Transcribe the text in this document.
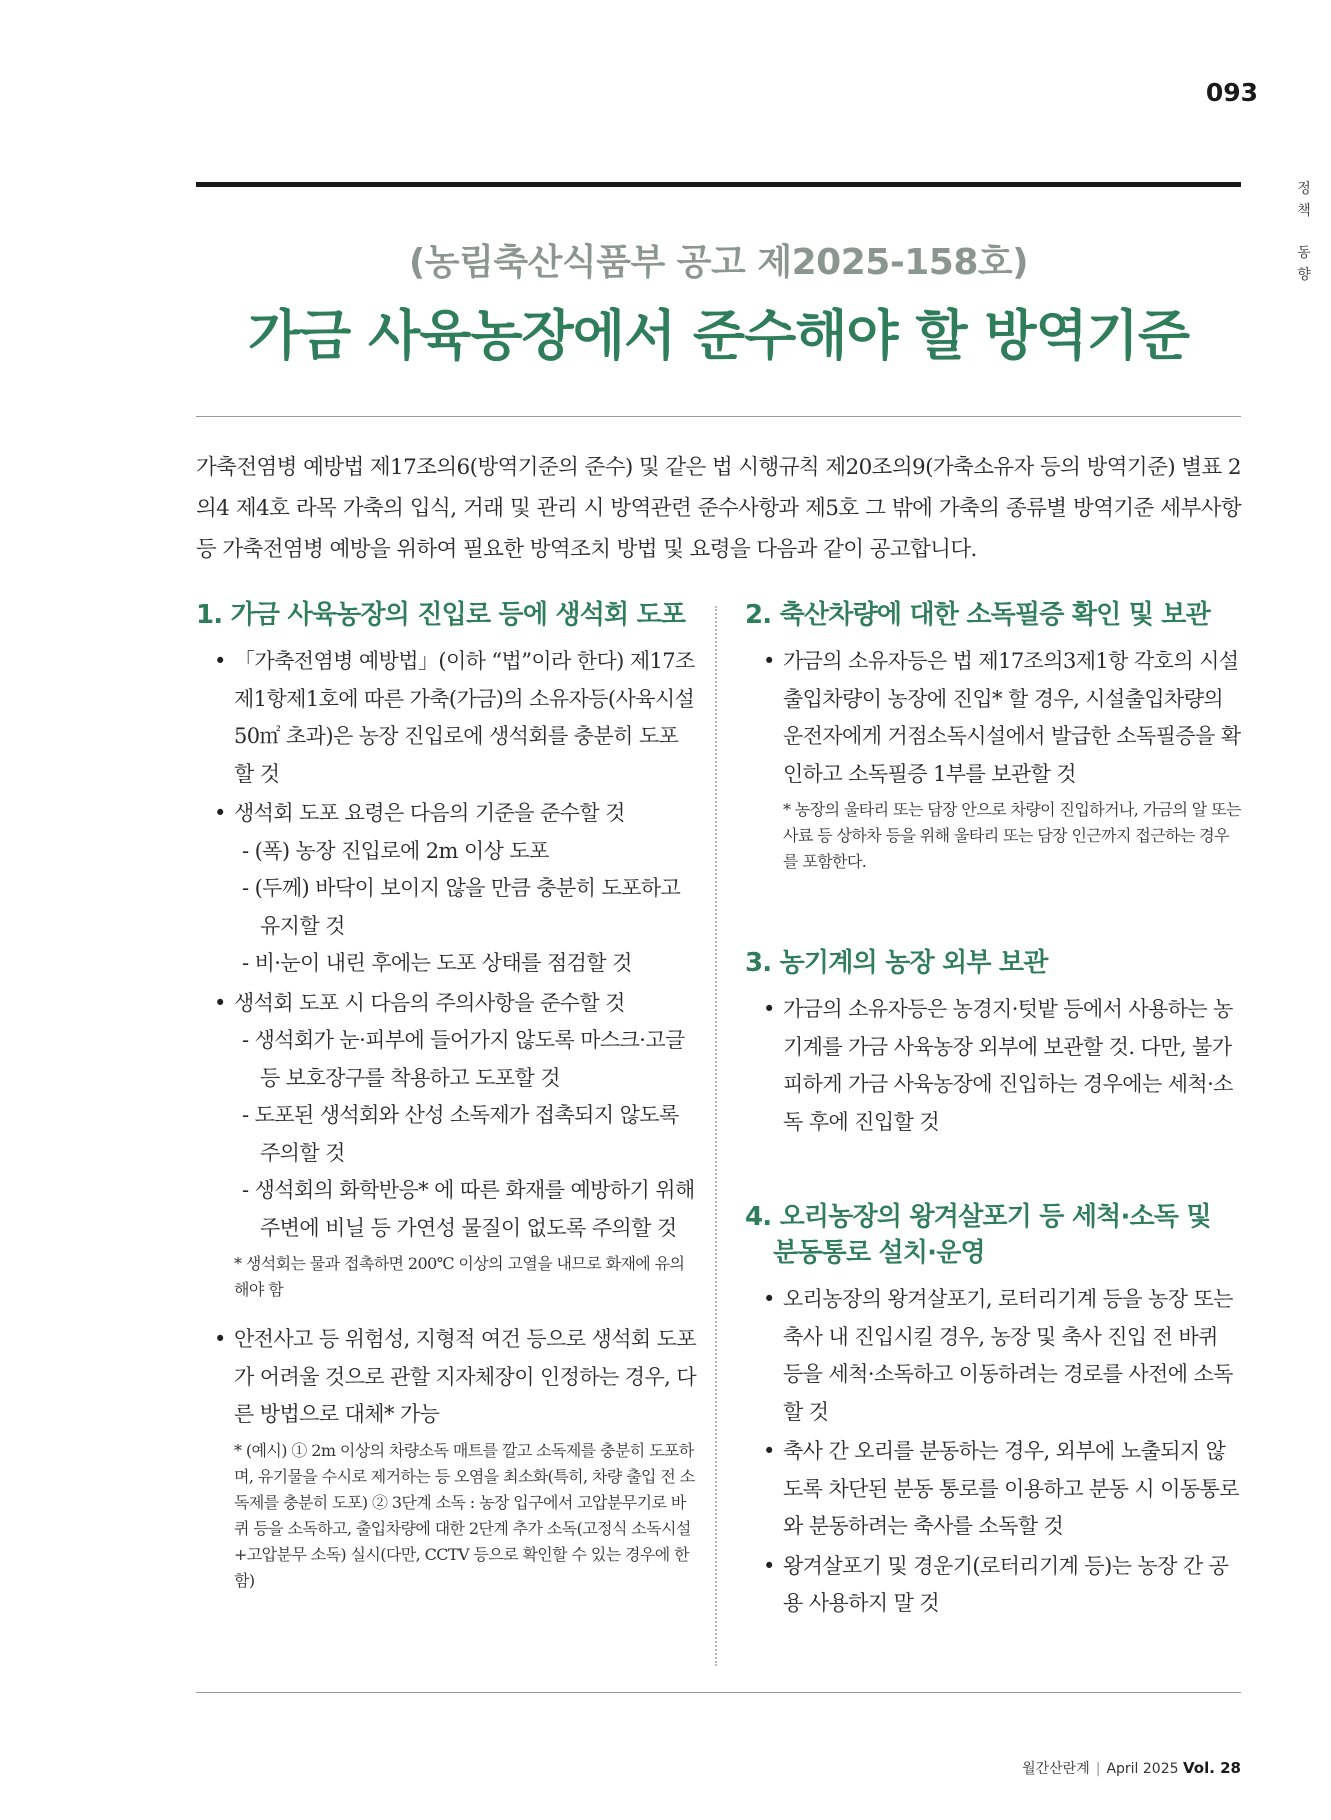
093
정
책
동
향
(농림축산식품부 공고 제2025-158호)
가금 사육농장에서 준수해야 할 방역기준

가축전염병 예방법 제17조의6(방역기준의 준수) 및 같은 법 시행규칙 제20조의9(가축소유자 등의 방역기준) 별표 2의4 제4호 라목 가축의 입식, 거래 및 관리 시 방역관련 준수사항과 제5호 그 밖에 가축의 종류별 방역기준 세부사항 등 가축전염병 예방을 위하여 필요한 방역조치 방법 및 요령을 다음과 같이 공고합니다.

1. 가금 사육농장의 진입로 등에 생석회 도포
• 「가축전염병 예방법」(이하 “법”이라 한다) 제17조제1항제1호에 따른 가축(가금)의 소유자등(사육시설 50㎡ 초과)은 농장 진입로에 생석회를 충분히 도포할 것
• 생석회 도포 요령은 다음의 기준을 준수할 것
- (폭) 농장 진입로에 2m 이상 도포
- (두께) 바닥이 보이지 않을 만큼 충분히 도포하고 유지할 것
- 비·눈이 내린 후에는 도포 상태를 점검할 것
• 생석회 도포 시 다음의 주의사항을 준수할 것
- 생석회가 눈·피부에 들어가지 않도록 마스크·고글 등 보호장구를 착용하고 도포할 것
- 도포된 생석회와 산성 소독제가 접촉되지 않도록 주의할 것
- 생석회의 화학반응* 에 따른 화재를 예방하기 위해 주변에 비닐 등 가연성 물질이 없도록 주의할 것
* 생석회는 물과 접촉하면 200℃ 이상의 고열을 내므로 화재에 유의해야 함
• 안전사고 등 위험성, 지형적 여건 등으로 생석회 도포가 어려울 것으로 관할 지자체장이 인정하는 경우, 다른 방법으로 대체* 가능
* (예시) ① 2m 이상의 차량소독 매트를 깔고 소독제를 충분히 도포하며, 유기물을 수시로 제거하는 등 오염을 최소화(특히, 차량 출입 전 소독제를 충분히 도포) ② 3단계 소독 : 농장 입구에서 고압분무기로 바퀴 등을 소독하고, 출입차량에 대한 2단계 추가 소독(고정식 소독시설+고압분무 소독) 실시(다만, CCTV 등으로 확인할 수 있는 경우에 한함)
2. 축산차량에 대한 소독필증 확인 및 보관
• 가금의 소유자등은 법 제17조의3제1항 각호의 시설출입차량이 농장에 진입* 할 경우, 시설출입차량의 운전자에게 거점소독시설에서 발급한 소독필증을 확인하고 소독필증 1부를 보관할 것
* 농장의 울타리 또는 담장 안으로 차량이 진입하거나, 가금의 알 또는 사료 등 상하차 등을 위해 울타리 또는 담장 인근까지 접근하는 경우를 포함한다.
3. 농기계의 농장 외부 보관
• 가금의 소유자등은 농경지·텃밭 등에서 사용하는 농기계를 가금 사육농장 외부에 보관할 것. 다만, 불가피하게 가금 사육농장에 진입하는 경우에는 세척·소독 후에 진입할 것
4. 오리농장의 왕겨살포기 등 세척·소독 및 분동통로 설치·운영
• 오리농장의 왕겨살포기, 로터리기계 등을 농장 또는 축사 내 진입시킬 경우, 농장 및 축사 진입 전 바퀴 등을 세척·소독하고 이동하려는 경로를 사전에 소독할 것
• 축사 간 오리를 분동하는 경우, 외부에 노출되지 않도록 차단된 분동 통로를 이용하고 분동 시 이동통로와 분동하려는 축사를 소독할 것
• 왕겨살포기 및 경운기(로터리기계 등)는 농장 간 공용 사용하지 말 것
월간산란계 | April 2025 Vol. 28
